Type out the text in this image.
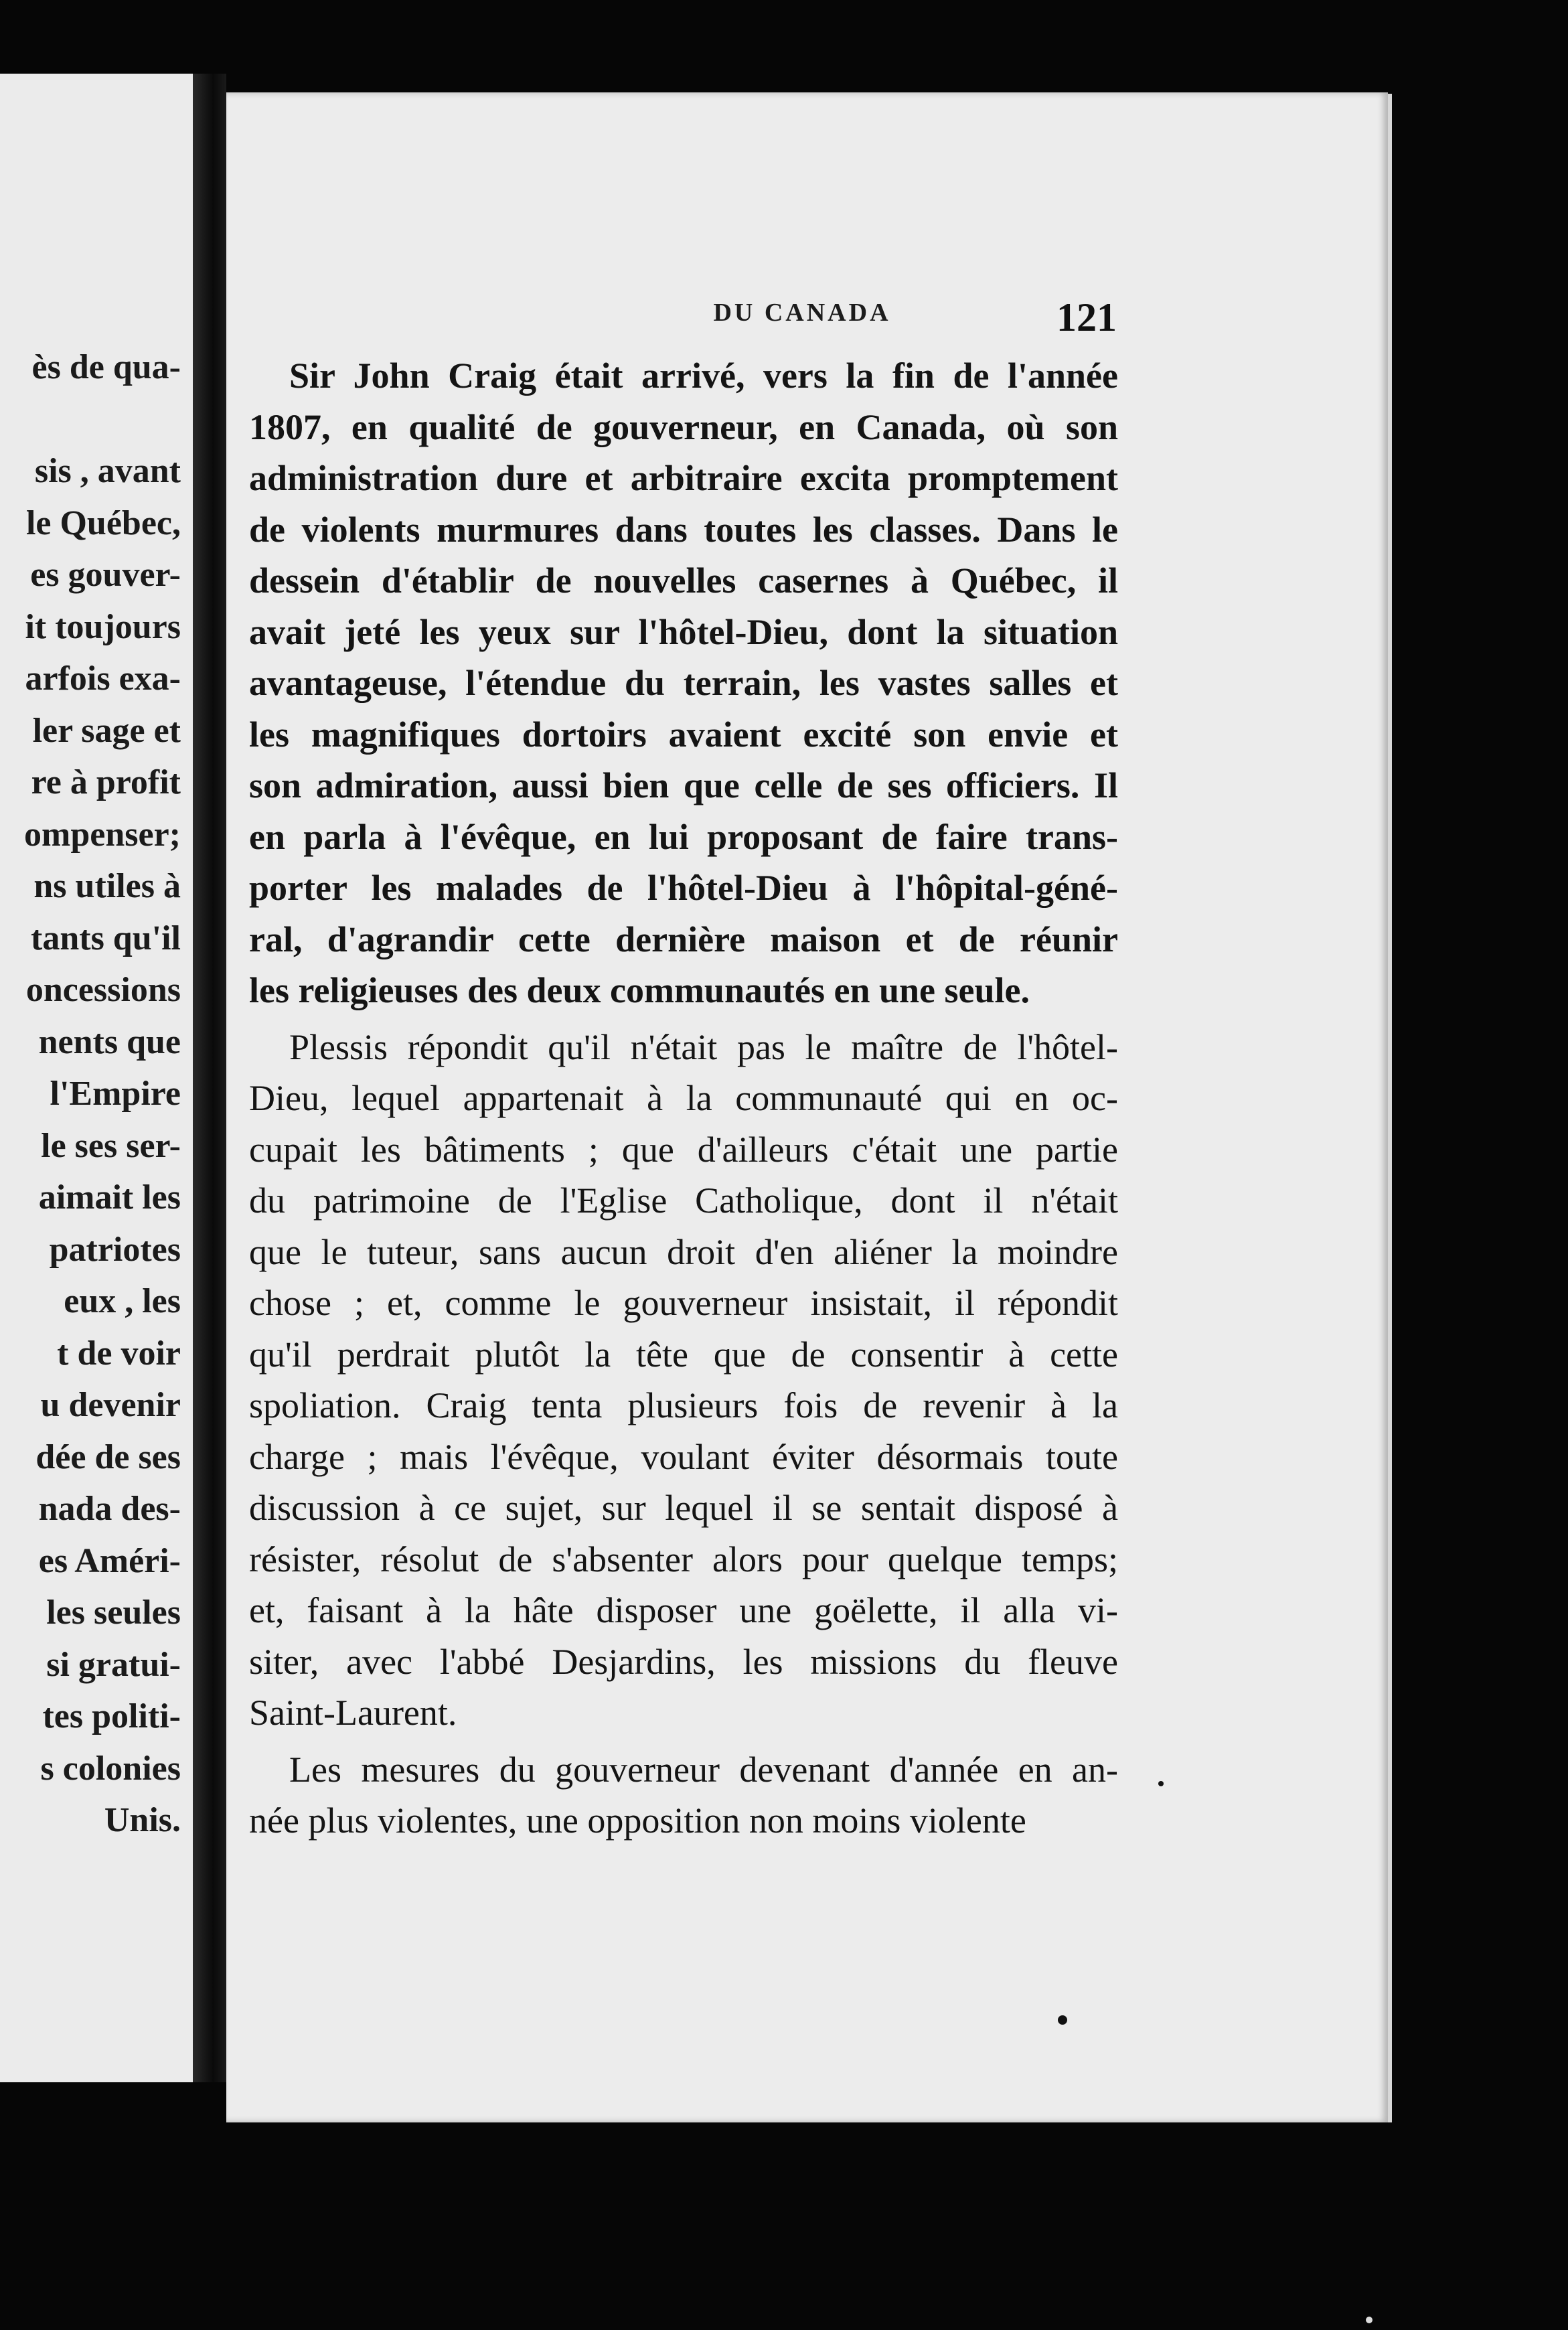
ès de qua-
sis , avant
le Québec,
es gouver-
it toujours
arfois exa-
ler sage et
re à profit
ompenser;
ns utiles à
tants qu'il
oncessions
nents que
l'Empire
le ses ser-
aimait les
patriotes
eux , les
t de voir
u devenir
dée de ses
nada des-
es Améri-
les seules
si gratui-
tes politi-
s colonies
Unis.
DU CANADA	121
Sir John Craig était arrivé, vers la fin de l'année
1807, en qualité de gouverneur, en Canada, où son
administration dure et arbitraire excita promptement
de violents murmures dans toutes les classes. Dans le
dessein d'établir de nouvelles casernes à Québec, il
avait jeté les yeux sur l'hôtel-Dieu, dont la situation
avantageuse, l'étendue du terrain, les vastes salles et
les magnifiques dortoirs avaient excité son envie et
son admiration, aussi bien que celle de ses officiers. Il
en parla à l'évêque, en lui proposant de faire trans-
porter les malades de l'hôtel-Dieu à l'hôpital-géné-
ral, d'agrandir cette dernière maison et de réunir
les religieuses des deux communautés en une seule.
Plessis répondit qu'il n'était pas le maître de l'hôtel-
Dieu, lequel appartenait à la communauté qui en oc-
cupait les bâtiments ; que d'ailleurs c'était une partie
du patrimoine de l'Eglise Catholique, dont il n'était
que le tuteur, sans aucun droit d'en aliéner la moindre
chose ; et, comme le gouverneur insistait, il répondit
qu'il perdrait plutôt la tête que de consentir à cette
spoliation. Craig tenta plusieurs fois de revenir à la
charge ; mais l'évêque, voulant éviter désormais toute
discussion à ce sujet, sur lequel il se sentait disposé à
résister, résolut de s'absenter alors pour quelque temps;
et, faisant à la hâte disposer une goëlette, il alla vi-
siter, avec l'abbé Desjardins, les missions du fleuve
Saint-Laurent.
Les mesures du gouverneur devenant d'année en an-
née plus violentes, une opposition non moins violente
